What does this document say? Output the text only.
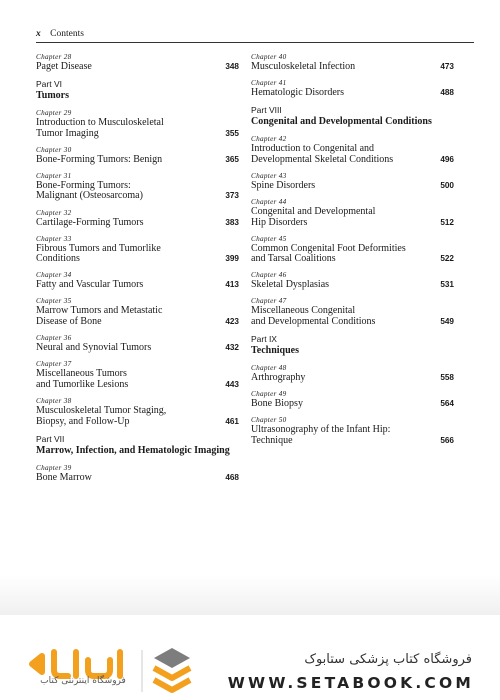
x Contents
Chapter 28
Paget Disease	348
Part VI
Tumors
Chapter 29
Introduction to Musculoskeletal
Tumor Imaging	355
Chapter 30
Bone-Forming Tumors: Benign	365
Chapter 31
Bone-Forming Tumors:
Malignant (Osteosarcoma)	373
Chapter 32
Cartilage-Forming Tumors	383
Chapter 33
Fibrous Tumors and Tumorlike
Conditions	399
Chapter 34
Fatty and Vascular Tumors	413
Chapter 35
Marrow Tumors and Metastatic
Disease of Bone	423
Chapter 36
Neural and Synovial Tumors	432
Chapter 37
Miscellaneous Tumors
and Tumorlike Lesions	443
Chapter 38
Musculoskeletal Tumor Staging,
Biopsy, and Follow-Up	461
Part VII
Marrow, Infection, and Hematologic Imaging
Chapter 39
Bone Marrow	468
Chapter 40
Musculoskeletal Infection	473
Chapter 41
Hematologic Disorders	488
Part VIII
Congenital and Developmental Conditions
Chapter 42
Introduction to Congenital and
Developmental Skeletal Conditions	496
Chapter 43
Spine Disorders	500
Chapter 44
Congenital and Developmental
Hip Disorders	512
Chapter 45
Common Congenital Foot Deformities
and Tarsal Coalitions	522
Chapter 46
Skeletal Dysplasias	531
Chapter 47
Miscellaneous Congenital
and Developmental Conditions	549
Part IX
Techniques
Chapter 48
Arthrography	558
Chapter 49
Bone Biopsy	564
Chapter 50
Ultrasonography of the Infant Hip:
Technique	566
فروشگاه اینترنتی کتاب
فروشگاه کتاب پزشکی ستابوک
WWW.SETABOOK.COM
